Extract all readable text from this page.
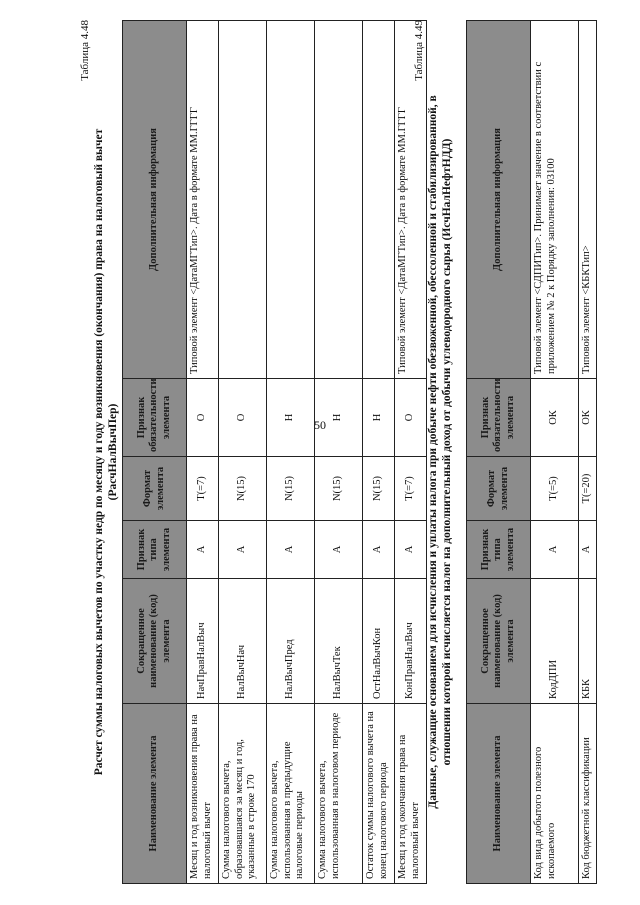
50
Таблица 4.48
Расчет суммы налоговых вычетов по участку недр по месяцу и году возникновения (окончания) права на налоговый вычет (РасчНалВычПер)
Наименование элемента	Сокращенное наименование (код) элемента	Признак типа элемента	Формат элемента	Признак обязательности элемента	Дополнительная информация
Месяц и год возникновения права на налоговый вычет	НачПравНалВыч	А	Т(=7)	О	Типовой элемент <ДатаМГТип>. Дата в формате ММ.ГГГГ
Сумма налогового вычета, образовавшаяся за месяц и год, указанные в строке 170	НалВычНач	А	N(15)	О	
Сумма налогового вычета, использованная в предыдущие налоговые периоды	НалВычПред	А	N(15)	Н	
Сумма налогового вычета, использованная в налоговом периоде	НалВычТек	А	N(15)	Н	
Остаток суммы налогового вычета на конец налогового периода	ОстНалВычКон	А	N(15)	Н	
Месяц и год окончания права на налоговый вычет	КонПравНалВыч	А	Т(=7)	О	Типовой элемент <ДатаМГТип>. Дата в формате ММ.ГГГГ
Таблица 4.49
Данные, служащие основанием для исчисления и уплаты налога при добыче нефти обезвоженной, обессоленной и стабилизированной, в отношении которой исчисляется налог на дополнительный доход от добычи углеводородного сырья (ИсчНалНефтНДД)
Наименование элемента	Сокращенное наименование (код) элемента	Признак типа элемента	Формат элемента	Признак обязательности элемента	Дополнительная информация
Код вида добытого полезного ископаемого	КодДПИ	А	Т(=5)	ОК	Типовой элемент <СДПИТип>. Принимает значение в соответствии с приложением № 2 к Порядку заполнения: 03100
Код бюджетной классификации	КБК	А	Т(=20)	ОК	Типовой элемент <КБКТип>
